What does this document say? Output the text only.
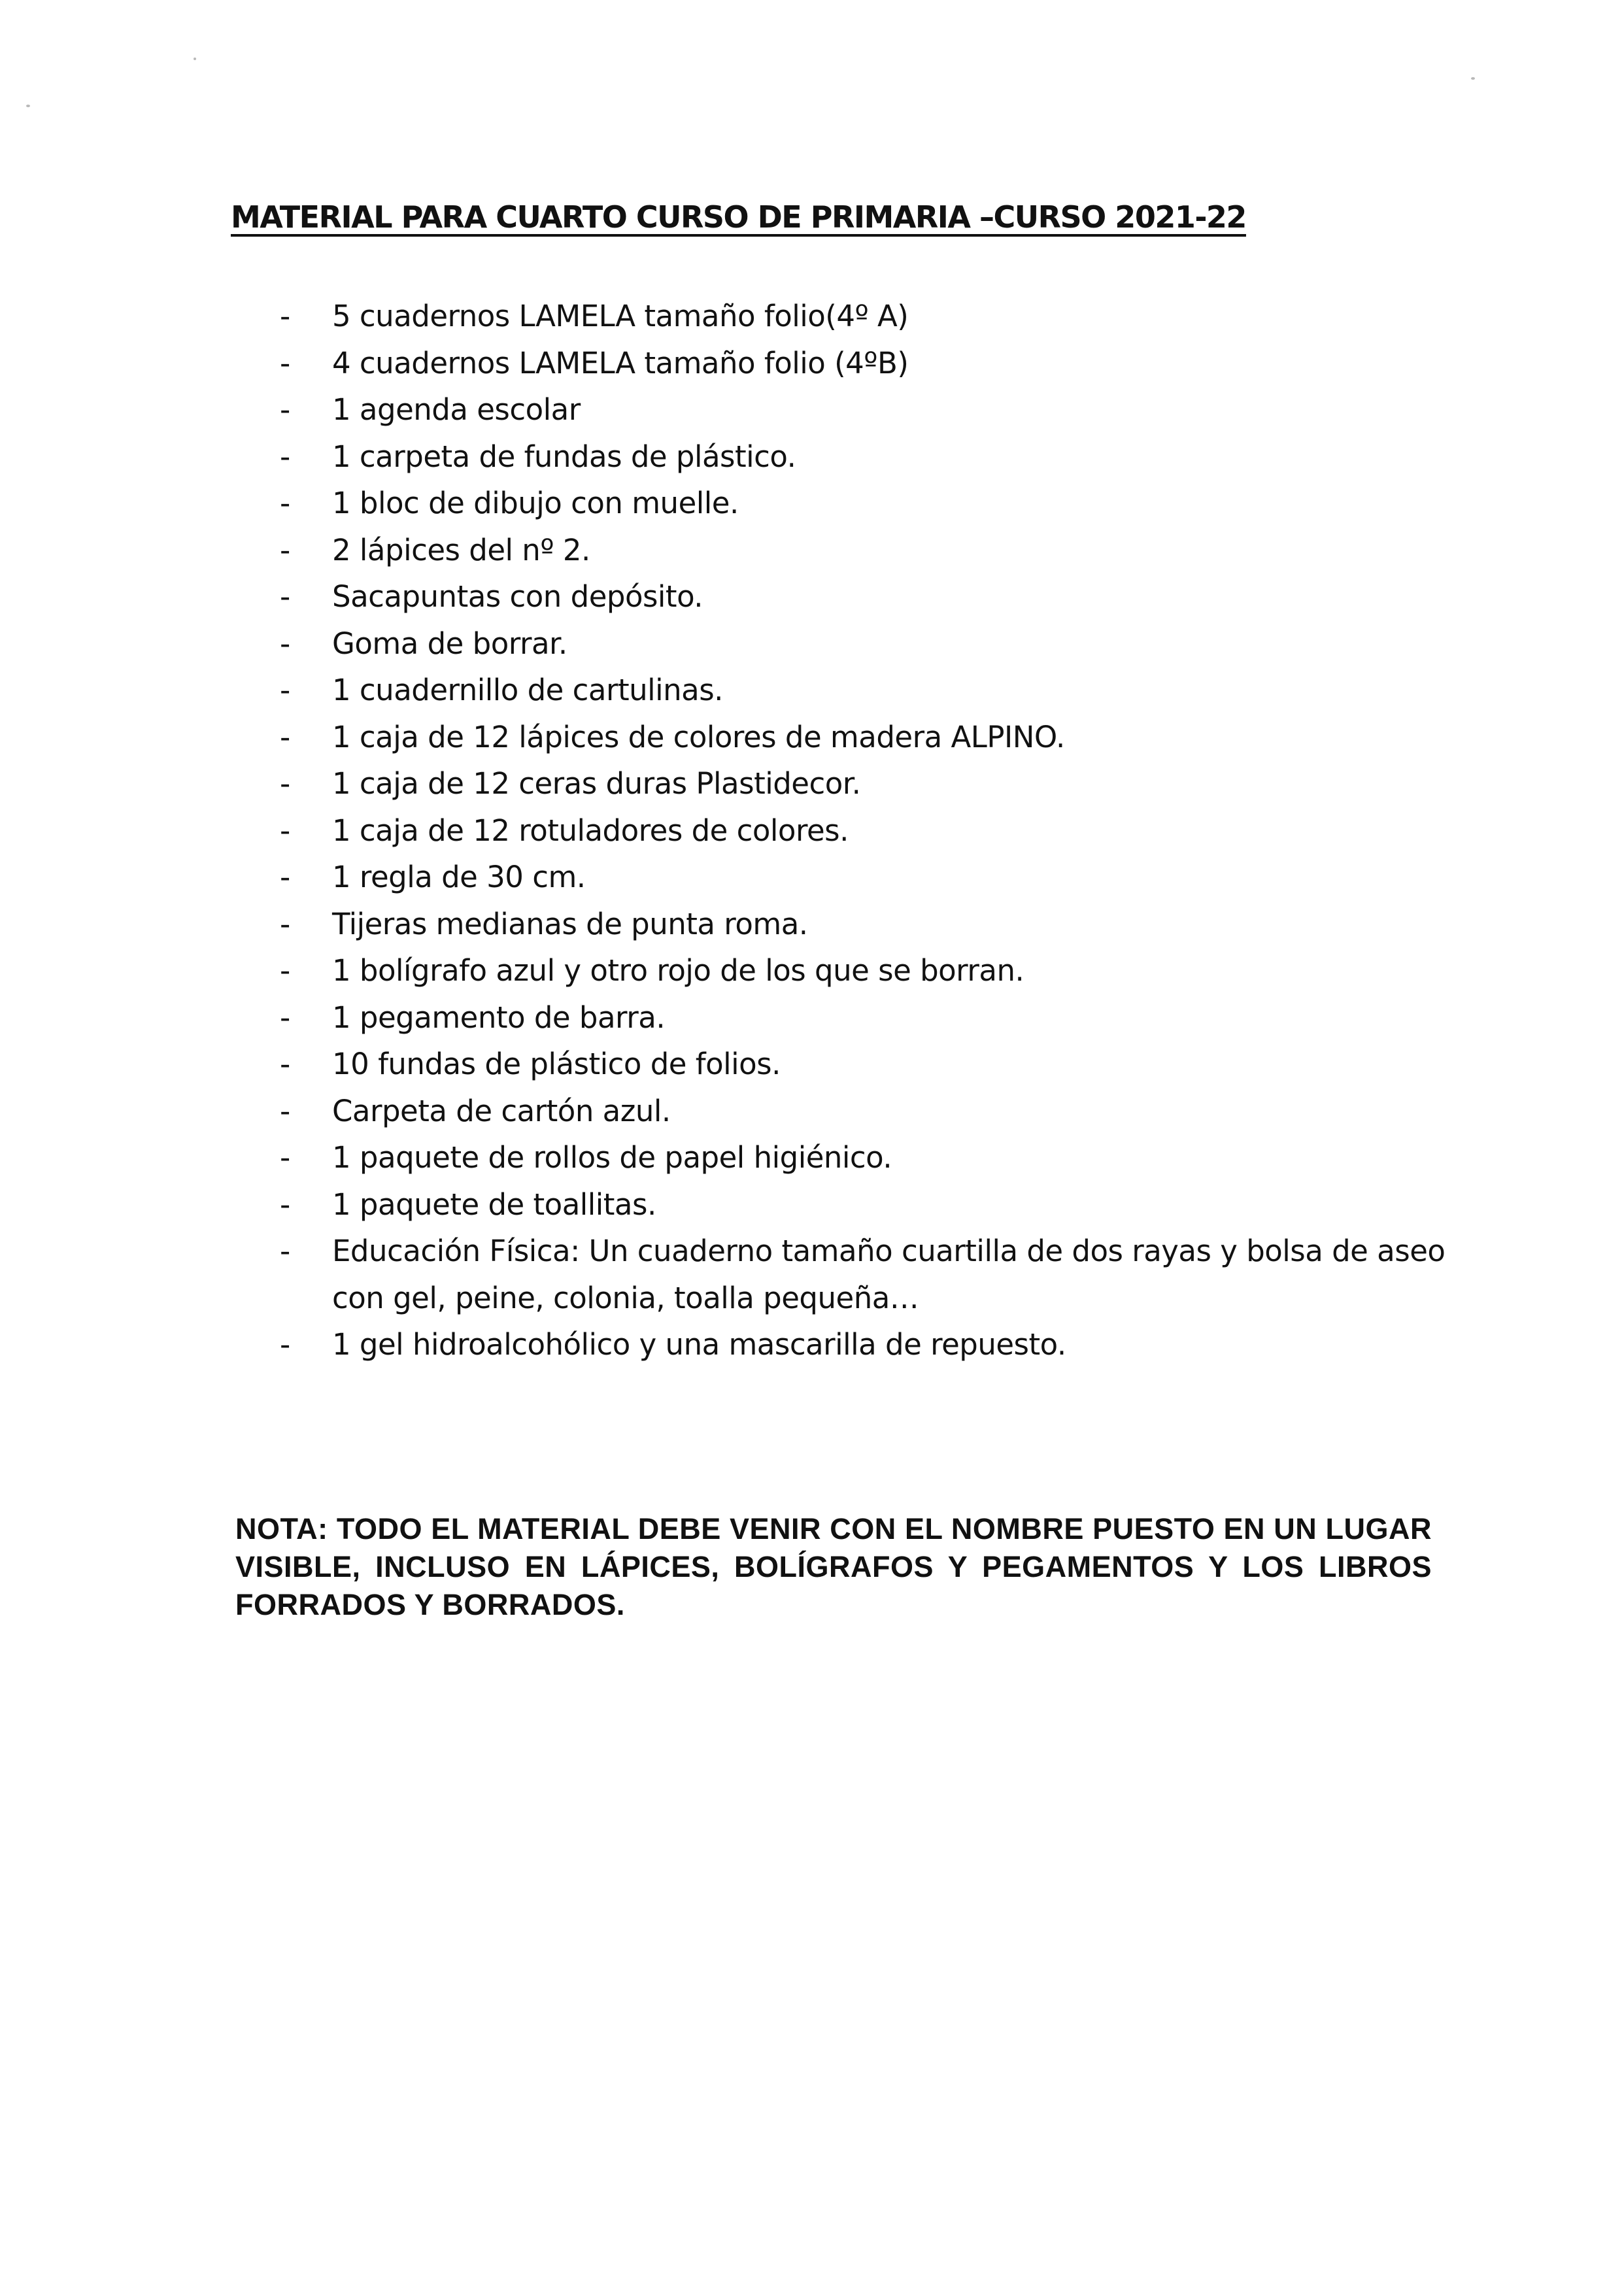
MATERIAL PARA CUARTO CURSO DE PRIMARIA –CURSO 2021-22
-	5 cuadernos LAMELA tamaño folio(4º A)
-	4 cuadernos LAMELA tamaño folio (4ºB)
-	1 agenda escolar
-	1 carpeta de fundas de plástico.
-	1 bloc de dibujo con muelle.
-	2 lápices del nº 2.
-	Sacapuntas con depósito.
-	Goma de borrar.
-	1 cuadernillo de cartulinas.
-	1 caja de 12 lápices de colores de madera ALPINO.
-	1 caja de 12 ceras duras Plastidecor.
-	1 caja de 12 rotuladores de colores.
-	1 regla de 30 cm.
-	Tijeras medianas de punta roma.
-	1 bolígrafo azul y otro rojo de los que se borran.
-	1 pegamento de barra.
-	10 fundas de plástico de folios.
-	Carpeta de cartón azul.
-	1 paquete de rollos de papel higiénico.
-	1 paquete de toallitas.
-	Educación Física: Un cuaderno tamaño cuartilla de dos rayas y bolsa de aseo con gel, peine, colonia, toalla pequeña…
-	1 gel hidroalcohólico y una mascarilla de repuesto.

NOTA: TODO EL MATERIAL DEBE VENIR CON EL NOMBRE PUESTO EN UN LUGAR VISIBLE, INCLUSO EN LÁPICES, BOLÍGRAFOS Y PEGAMENTOS Y LOS LIBROS FORRADOS Y BORRADOS.
